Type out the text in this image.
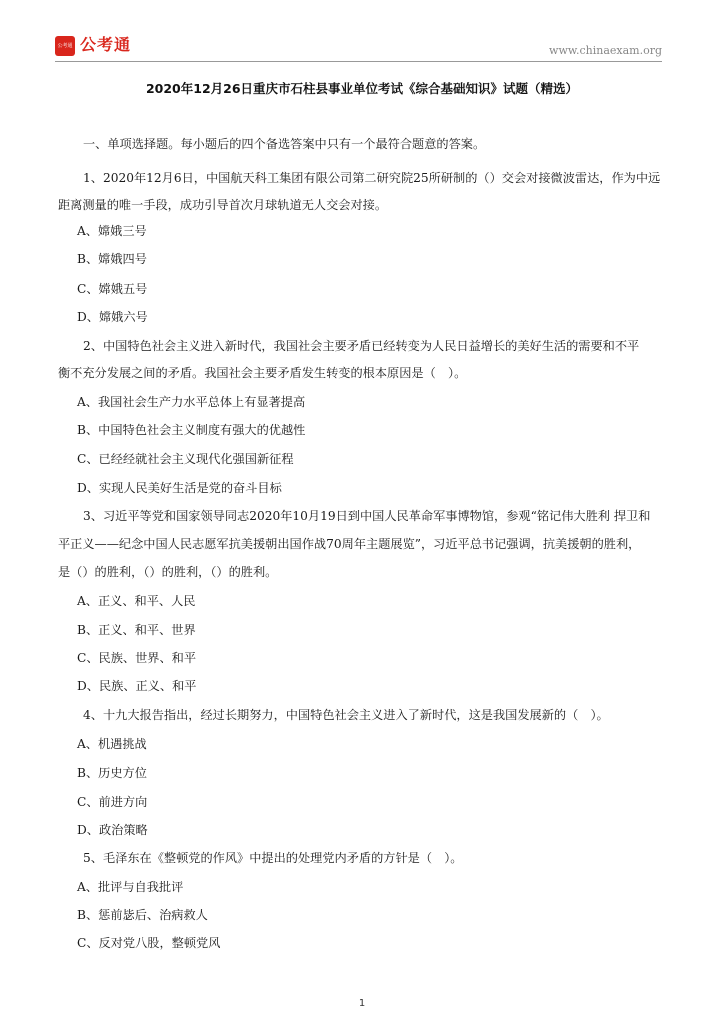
公考通 公考通	www.chinaexam.org
2020年12月26日重庆市石柱县事业单位考试《综合基础知识》试题（精选）
一、单项选择题。每小题后的四个备选答案中只有一个最符合题意的答案。
1、2020年12月6日，中国航天科工集团有限公司第二研究院25所研制的（）交会对接微波雷达，作为中远
距离测量的唯一手段，成功引导首次月球轨道无人交会对接。
A、嫦娥三号
B、嫦娥四号
C、嫦娥五号
D、嫦娥六号
2、中国特色社会主义进入新时代，我国社会主要矛盾已经转变为人民日益增长的美好生活的需要和不平
衡不充分发展之间的矛盾。我国社会主要矛盾发生转变的根本原因是（　）。
A、我国社会生产力水平总体上有显著提高
B、中国特色社会主义制度有强大的优越性
C、已经经就社会主义现代化强国新征程
D、实现人民美好生活是党的奋斗目标
3、习近平等党和国家领导同志2020年10月19日到中国人民革命军事博物馆，参观“铭记伟大胜利 捍卫和
平正义——纪念中国人民志愿军抗美援朝出国作战70周年主题展览”，习近平总书记强调，抗美援朝的胜利，
是（）的胜利，（）的胜利，（）的胜利。
A、正义、和平、人民
B、正义、和平、世界
C、民族、世界、和平
D、民族、正义、和平
4、十九大报告指出，经过长期努力，中国特色社会主义进入了新时代，这是我国发展新的（　）。
A、机遇挑战
B、历史方位
C、前进方向
D、政治策略
5、毛泽东在《整顿党的作风》中提出的处理党内矛盾的方针是（　）。
A、批评与自我批评
B、惩前毖后、治病救人
C、反对党八股，整顿党风
1
